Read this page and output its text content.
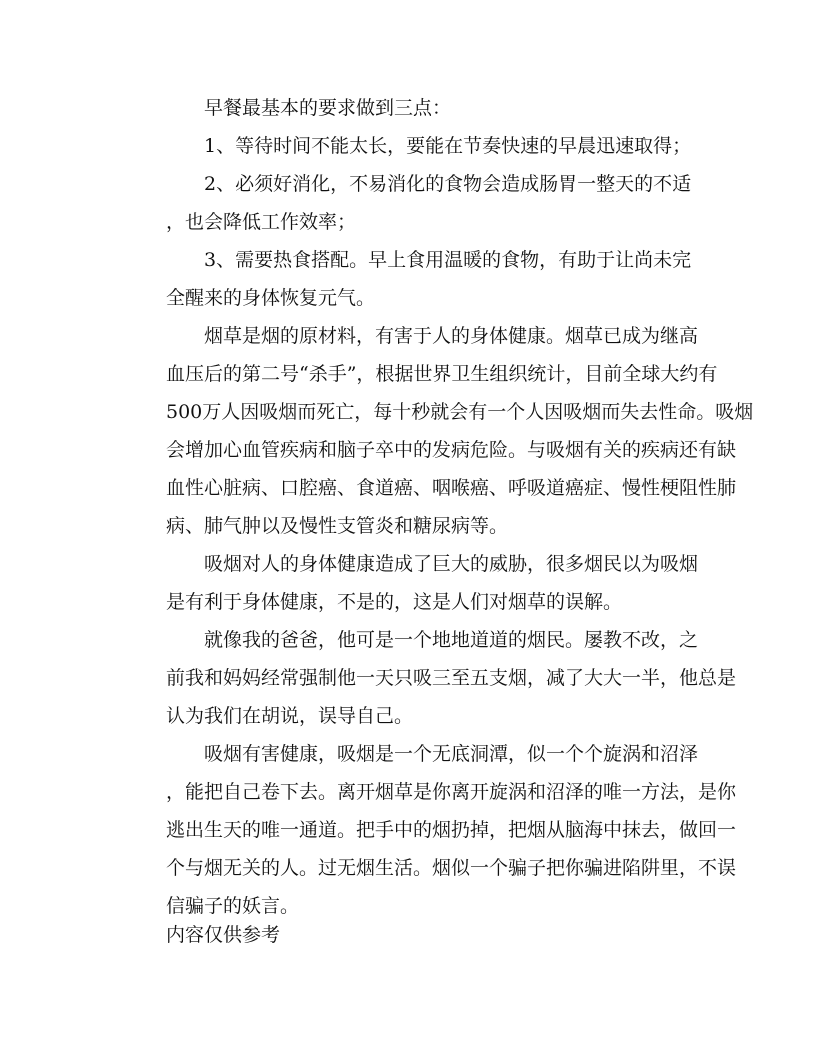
早餐最基本的要求做到三点：
1、等待时间不能太长，要能在节奏快速的早晨迅速取得；
2、必须好消化，不易消化的食物会造成肠胃一整天的不适
，也会降低工作效率；
3、需要热食搭配。早上食用温暖的食物，有助于让尚未完
全醒来的身体恢复元气。
烟草是烟的原材料，有害于人的身体健康。烟草已成为继高
血压后的第二号“杀手”，根据世界卫生组织统计，目前全球大约有
500万人因吸烟而死亡，每十秒就会有一个人因吸烟而失去性命。吸烟
会增加心血管疾病和脑子卒中的发病危险。与吸烟有关的疾病还有缺
血性心脏病、口腔癌、食道癌、咽喉癌、呼吸道癌症、慢性梗阻性肺
病、肺气肿以及慢性支管炎和糖尿病等。
吸烟对人的身体健康造成了巨大的威胁，很多烟民以为吸烟
是有利于身体健康，不是的，这是人们对烟草的误解。
就像我的爸爸，他可是一个地地道道的烟民。屡教不改，之
前我和妈妈经常强制他一天只吸三至五支烟，减了大大一半，他总是
认为我们在胡说，误导自己。
吸烟有害健康，吸烟是一个无底洞潭，似一个个旋涡和沼泽
，能把自己卷下去。离开烟草是你离开旋涡和沼泽的唯一方法，是你
逃出生天的唯一通道。把手中的烟扔掉，把烟从脑海中抹去，做回一
个与烟无关的人。过无烟生活。烟似一个骗子把你骗进陷阱里，不误
信骗子的妖言。
内容仅供参考
